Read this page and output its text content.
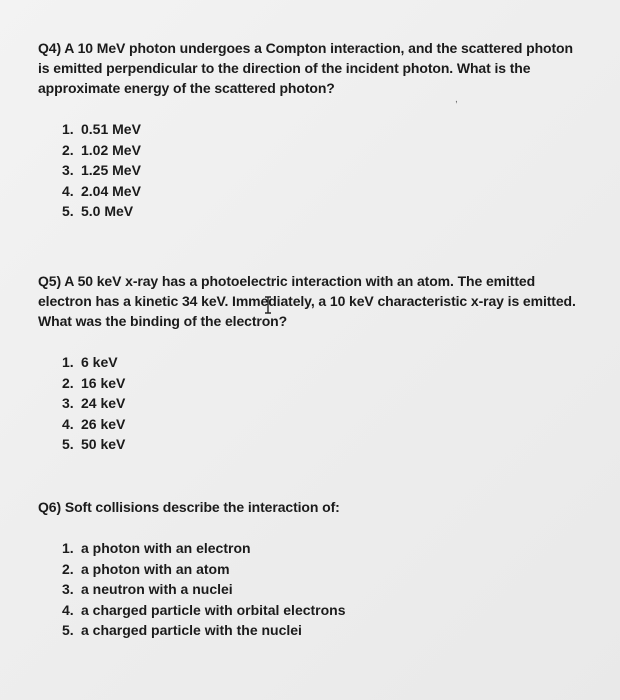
Q4) A 10 MeV photon undergoes a Compton interaction, and the scattered photon is emitted perpendicular to the direction of the incident photon. What is the approximate energy of the scattered photon?

1. 0.51 MeV
2. 1.02 MeV
3. 1.25 MeV
4. 2.04 MeV
5. 5.0 MeV

Q5) A 50 keV x-ray has a photoelectric interaction with an atom. The emitted electron has a kinetic 34 keV. Immediately, a 10 keV characteristic x-ray is emitted. What was the binding of the electron?

1. 6 keV
2. 16 keV
3. 24 keV
4. 26 keV
5. 50 keV

Q6) Soft collisions describe the interaction of:

1. a photon with an electron
2. a photon with an atom
3. a neutron with a nuclei
4. a charged particle with orbital electrons
5. a charged particle with the nuclei
,
